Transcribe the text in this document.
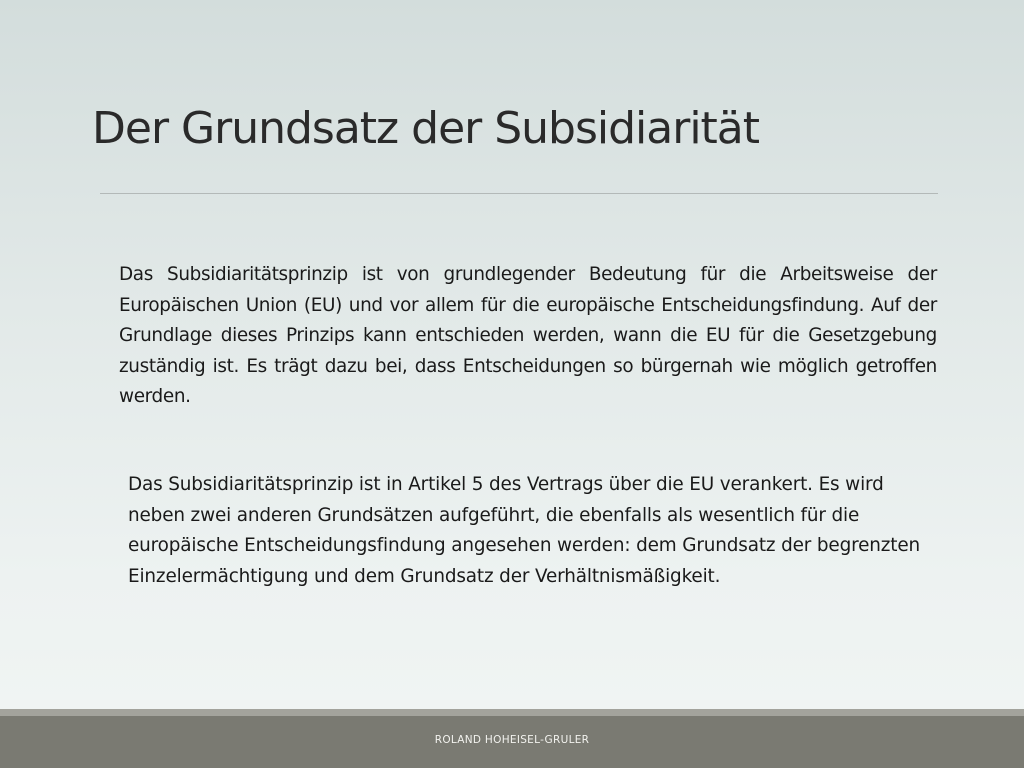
Der Grundsatz der Subsidiarität

Das Subsidiaritätsprinzip ist von grundlegender Bedeutung für die Arbeitsweise der Europäischen Union (EU) und vor allem für die europäische Entscheidungsfindung. Auf der Grundlage dieses Prinzips kann entschieden werden, wann die EU für die Gesetzgebung zuständig ist. Es trägt dazu bei, dass Entscheidungen so bürgernah wie möglich getroffen werden.

Das Subsidiaritätsprinzip ist in Artikel 5 des Vertrags über die EU verankert. Es wird neben zwei anderen Grundsätzen aufgeführt, die ebenfalls als wesentlich für die europäische Entscheidungsfindung angesehen werden: dem Grundsatz der begrenzten Einzelermächtigung und dem Grundsatz der Verhältnismäßigkeit.

ROLAND HOHEISEL-GRULER
